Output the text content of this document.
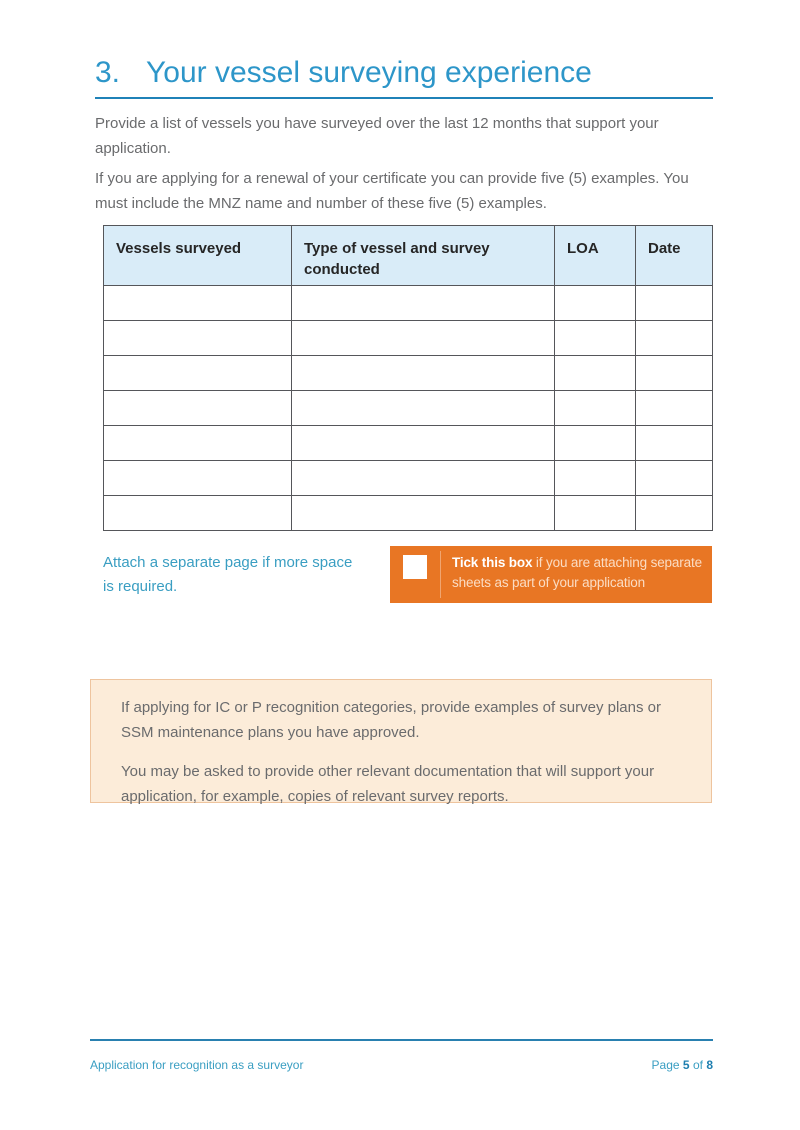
3. Your vessel surveying experience

Provide a list of vessels you have surveyed over the last 12 months that support your application.

If you are applying for a renewal of your certificate you can provide five (5) examples. You must include the MNZ name and number of these five (5) examples.

Vessels surveyed	Type of vessel and survey conducted	LOA	Date

Attach a separate page if more space is required.

Tick this box if you are attaching separate sheets as part of your application

If applying for IC or P recognition categories, provide examples of survey plans or SSM maintenance plans you have approved.

You may be asked to provide other relevant documentation that will support your application, for example, copies of relevant survey reports.

Application for recognition as a surveyor	Page 5 of 8
